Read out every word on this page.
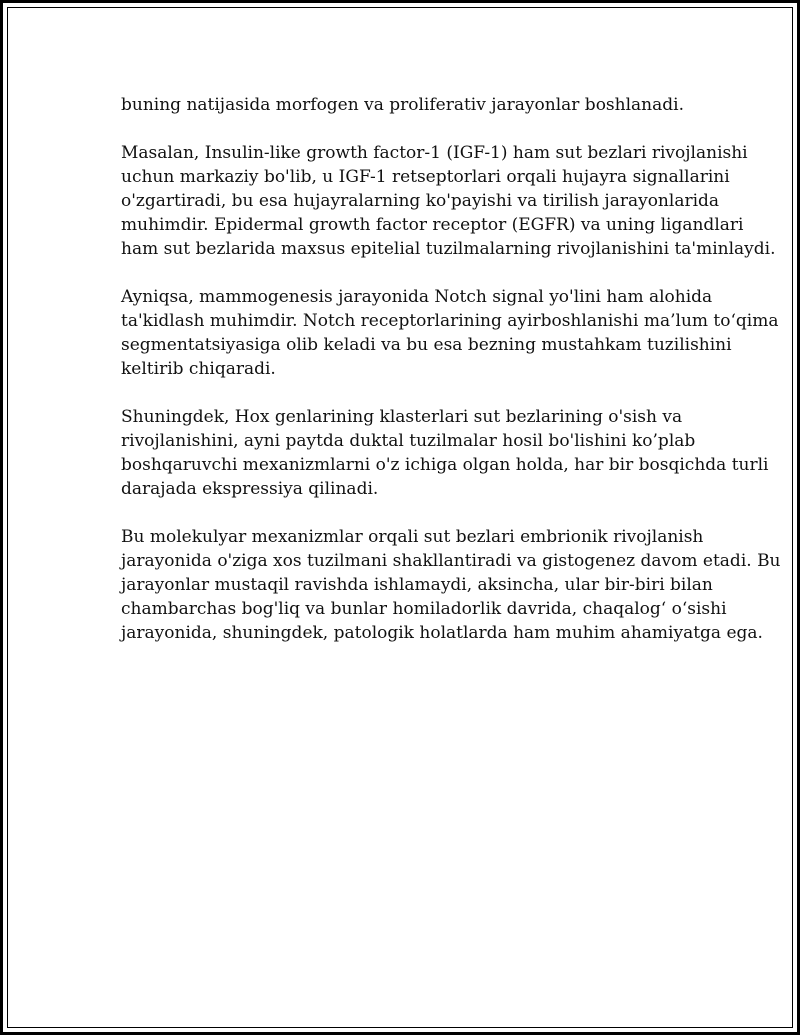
buning natijasida morfogen va proliferativ jarayonlar boshlanadi.

Masalan, Insulin-like growth factor-1 (IGF-1) ham sut bezlari rivojlanishi
uchun markaziy bo'lib, u IGF-1 retseptorlari orqali hujayra signallarini
o'zgartiradi, bu esa hujayralarning ko'payishi va tirilish jarayonlarida
muhimdir. Epidermal growth factor receptor (EGFR) va uning ligandlari
ham sut bezlarida maxsus epitelial tuzilmalarning rivojlanishini ta'minlaydi.

Ayniqsa, mammogenesis jarayonida Notch signal yo'lini ham alohida
ta'kidlash muhimdir. Notch receptorlarining ayirboshlanishi ma’lum to‘qima
segmentatsiyasiga olib keladi va bu esa bezning mustahkam tuzilishini
keltirib chiqaradi.

Shuningdek, Hox genlarining klasterlari sut bezlarining o'sish va
rivojlanishini, ayni paytda duktal tuzilmalar hosil bo'lishini ko’plab
boshqaruvchi mexanizmlarni o'z ichiga olgan holda, har bir bosqichda turli
darajada ekspressiya qilinadi.

Bu molekulyar mexanizmlar orqali sut bezlari embrionik rivojlanish
jarayonida o'ziga xos tuzilmani shakllantiradi va gistogenez davom etadi. Bu
jarayonlar mustaqil ravishda ishlamaydi, aksincha, ular bir-biri bilan
chambarchas bog'liq va bunlar homiladorlik davrida, chaqalog‘ o‘sishi
jarayonida, shuningdek, patologik holatlarda ham muhim ahamiyatga ega.
